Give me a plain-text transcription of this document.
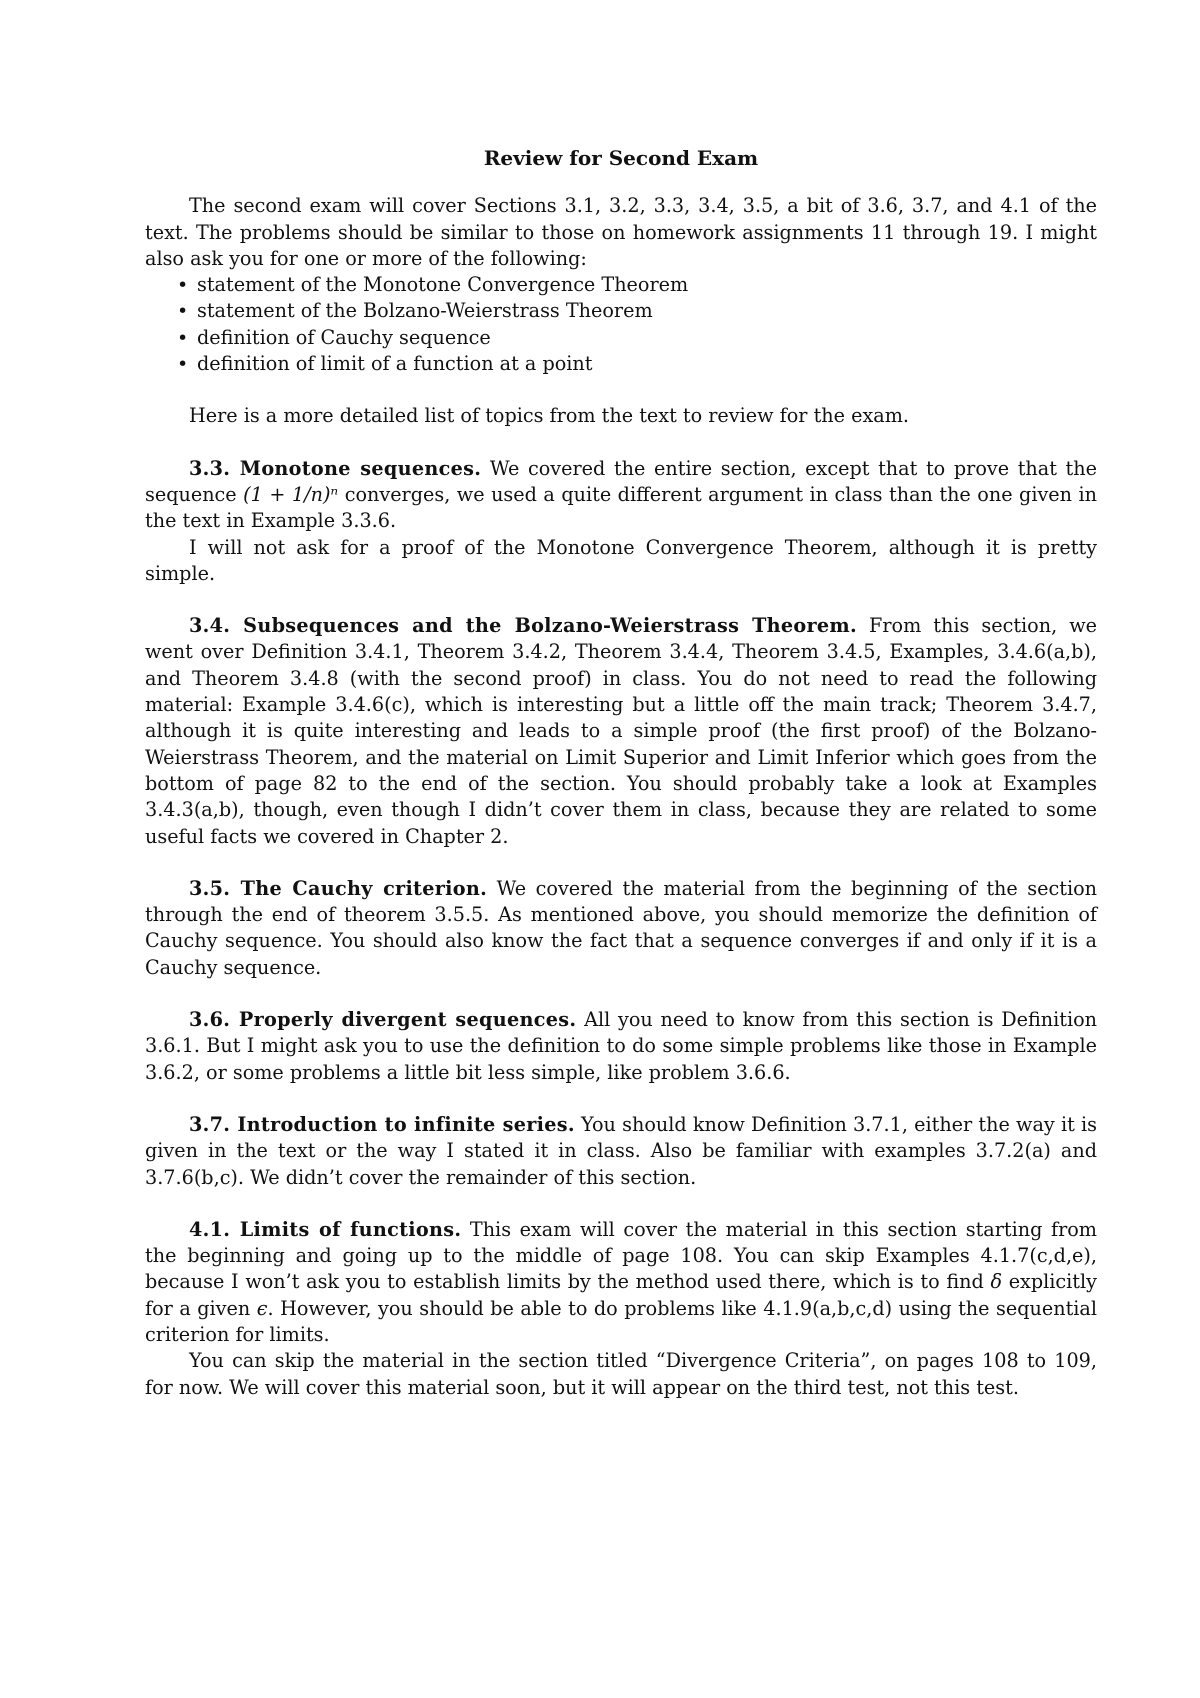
Review for Second Exam

The second exam will cover Sections 3.1, 3.2, 3.3, 3.4, 3.5, a bit of 3.6, 3.7, and 4.1 of the text. The problems should be similar to those on homework assignments 11 through 19. I might also ask you for one or more of the following:

• statement of the Monotone Convergence Theorem
• statement of the Bolzano-Weierstrass Theorem
• definition of Cauchy sequence
• definition of limit of a function at a point

Here is a more detailed list of topics from the text to review for the exam.

3.3. Monotone sequences. We covered the entire section, except that to prove that the sequence (1 + 1/n)ⁿ converges, we used a quite different argument in class than the one given in the text in Example 3.3.6.

I will not ask for a proof of the Monotone Convergence Theorem, although it is pretty simple.

3.4. Subsequences and the Bolzano-Weierstrass Theorem. From this section, we went over Definition 3.4.1, Theorem 3.4.2, Theorem 3.4.4, Theorem 3.4.5, Examples, 3.4.6(a,b), and Theorem 3.4.8 (with the second proof) in class. You do not need to read the following material: Example 3.4.6(c), which is interesting but a little off the main track; Theorem 3.4.7, although it is quite interesting and leads to a simple proof (the first proof) of the Bolzano-Weierstrass Theorem, and the material on Limit Superior and Limit Inferior which goes from the bottom of page 82 to the end of the section. You should probably take a look at Examples 3.4.3(a,b), though, even though I didn’t cover them in class, because they are related to some useful facts we covered in Chapter 2.

3.5. The Cauchy criterion. We covered the material from the beginning of the section through the end of theorem 3.5.5. As mentioned above, you should memorize the definition of Cauchy sequence. You should also know the fact that a sequence converges if and only if it is a Cauchy sequence.

3.6. Properly divergent sequences. All you need to know from this section is Definition 3.6.1. But I might ask you to use the definition to do some simple problems like those in Example 3.6.2, or some problems a little bit less simple, like problem 3.6.6.

3.7. Introduction to infinite series. You should know Definition 3.7.1, either the way it is given in the text or the way I stated it in class. Also be familiar with examples 3.7.2(a) and 3.7.6(b,c). We didn’t cover the remainder of this section.

4.1. Limits of functions. This exam will cover the material in this section starting from the beginning and going up to the middle of page 108. You can skip Examples 4.1.7(c,d,e), because I won’t ask you to establish limits by the method used there, which is to find δ explicitly for a given ϵ. However, you should be able to do problems like 4.1.9(a,b,c,d) using the sequential criterion for limits.

You can skip the material in the section titled “Divergence Criteria”, on pages 108 to 109, for now. We will cover this material soon, but it will appear on the third test, not this test.
